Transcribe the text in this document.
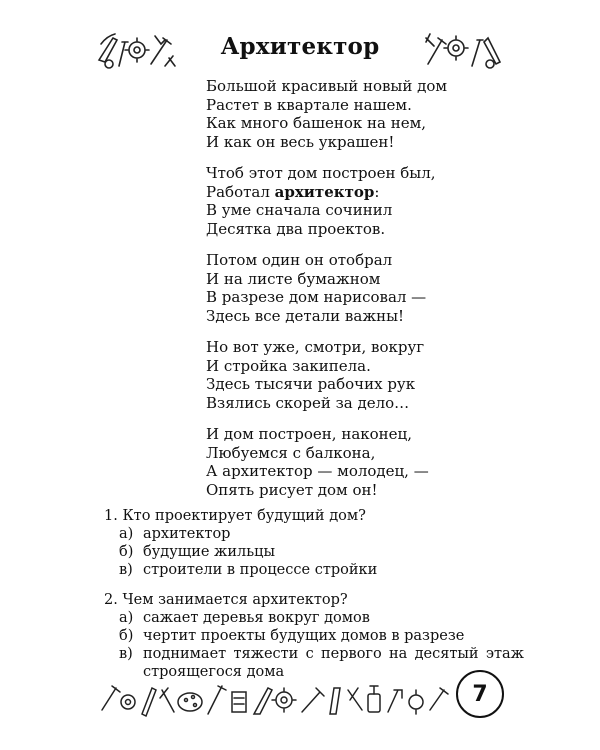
Архитектор
Большой красивый новый дом
Растет в квартале нашем.
Как много башенок на нем,
И как он весь украшен!
Чтоб этот дом построен был,
Работал архитектор:
В уме сначала сочинил
Десятка два проектов.
Потом один он отобрал
И на листе бумажном
В разрезе дом нарисовал —
Здесь все детали важны!
Но вот уже, смотри, вокруг
И стройка закипела.
Здесь тысячи рабочих рук
Взялись скорей за дело…
И дом построен, наконец,
Любуемся с балкона,
А архитектор — молодец, —
Опять рисует дом он!
1. Кто проектирует будущий дом?
а) архитектор
б) будущие жильцы
в) строители в процессе стройки
2. Чем занимается архитектор?
а) сажает деревья вокруг домов
б) чертит проекты будущих домов в разрезе
в) поднимает тяжести с первого на десятый этаж строящегося дома
7
